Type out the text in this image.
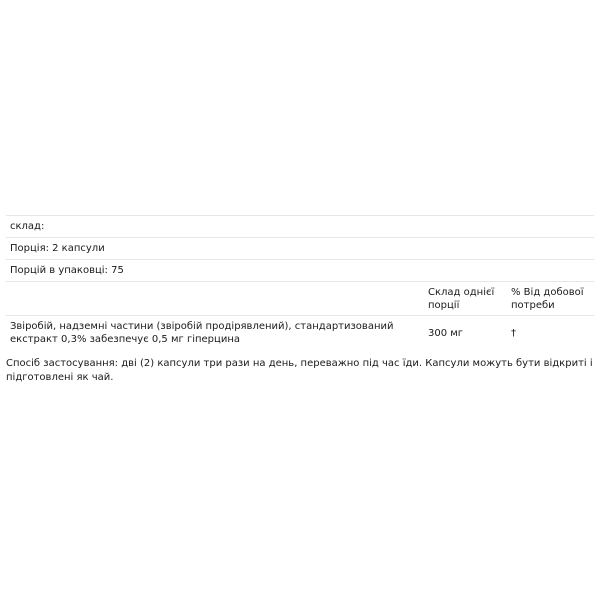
склад:		
Порція: 2 капсули		
Порцій в упаковці: 75		
	Склад однієї порції	% Від добової потреби
Звіробій, надземні частини (звіробій продірявлений), стандартизований екстракт 0,3% забезпечує 0,5 мг гіперцина	300 мг	†

Спосіб застосування: дві (2) капсули три рази на день, переважно під час їди. Капсули можуть бути відкриті і підготовлені як чай.
